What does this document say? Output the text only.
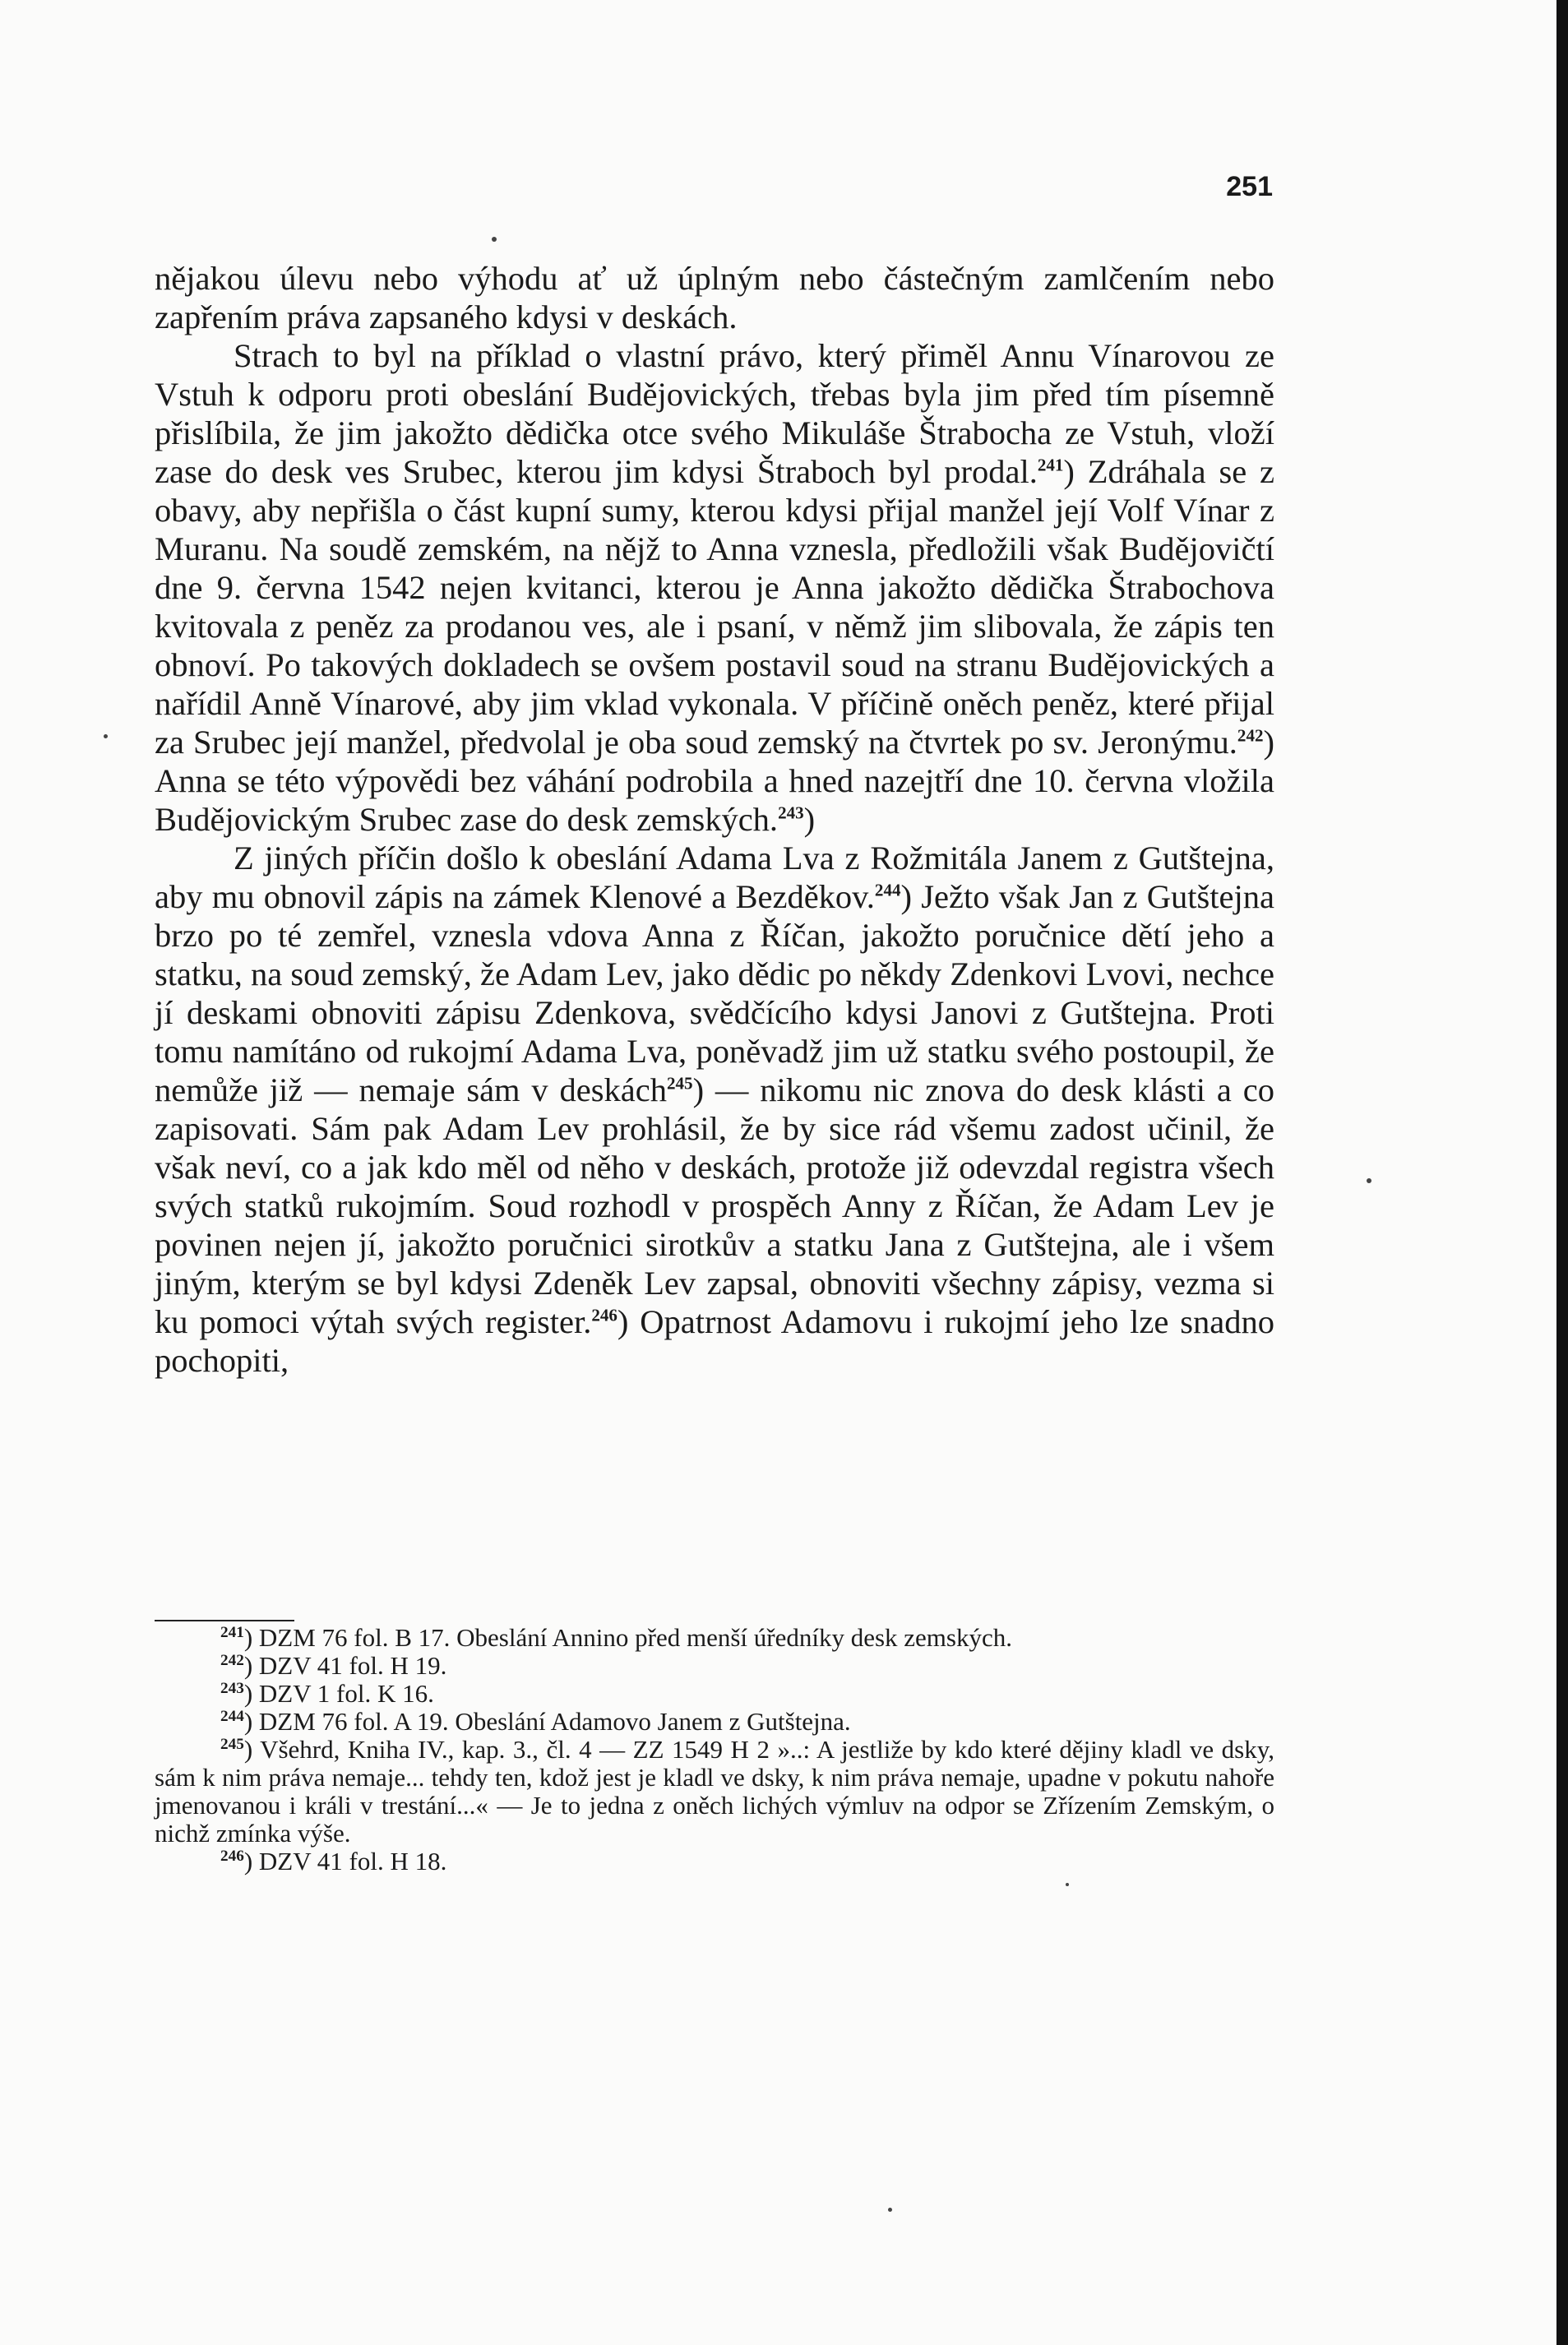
251

nějakou úlevu nebo výhodu ať už úplným nebo částečným zamlčením nebo zapřením práva zapsaného kdysi v deskách.

Strach to byl na příklad o vlastní právo, který přiměl Annu Vínarovou ze Vstuh k odporu proti obeslání Budějovických, třebas byla jim před tím písemně přislíbila, že jim jakožto dědička otce svého Mikuláše Štrabocha ze Vstuh, vloží zase do desk ves Srubec, kterou jim kdysi Štraboch byl prodal.$^{241}$) Zdráhala se z obavy, aby nepřišla o část kupní sumy, kterou kdysi přijal manžel její Volf Vínar z Muranu. Na soudě zemském, na nějž to Anna vznesla, předložili však Budějovičtí dne 9. června 1542 nejen kvitanci, kterou je Anna jakožto dědička Štrabochova kvitovala z peněz za prodanou ves, ale i psaní, v němž jim slibovala, že zápis ten obnoví. Po takových dokladech se ovšem postavil soud na stranu Budějovických a nařídil Anně Vínarové, aby jim vklad vykonala. V příčině oněch peněz, které přijal za Srubec její manžel, předvolal je oba soud zemský na čtvrtek po sv. Jeronýmu.$^{242}$) Anna se této výpovědi bez váhání podrobila a hned nazejtří dne 10. června vložila Budějovickým Srubec zase do desk zemských.$^{243}$)

Z jiných příčin došlo k obeslání Adama Lva z Rožmitála Janem z Gutštejna, aby mu obnovil zápis na zámek Klenové a Bezděkov.$^{244}$) Ježto však Jan z Gutštejna brzo po té zemřel, vznesla vdova Anna z Říčan, jakožto poručnice dětí jeho a statku, na soud zemský, že Adam Lev, jako dědic po někdy Zdenkovi Lvovi, nechce jí deskami obnoviti zápisu Zdenkova, svědčícího kdysi Janovi z Gutštejna. Proti tomu namítáno od rukojmí Adama Lva, poněvadž jim už statku svého postoupil, že nemůže již — nemaje sám v deskách$^{245}$) — nikomu nic znova do desk klásti a co zapisovati. Sám pak Adam Lev prohlásil, že by sice rád všemu zadost učinil, že však neví, co a jak kdo měl od něho v deskách, protože již odevzdal registra všech svých statků rukojmím. Soud rozhodl v prospěch Anny z Říčan, že Adam Lev je povinen nejen jí, jakožto poručnici sirotkův a statku Jana z Gutštejna, ale i všem jiným, kterým se byl kdysi Zdeněk Lev zapsal, obnoviti všechny zápisy, vezma si ku pomoci výtah svých register.$^{246}$) Opatrnost Adamovu i rukojmí jeho lze snadno pochopiti,

$^{241}$) DZM 76 fol. B 17. Obeslání Annino před menší úředníky desk zemských.

$^{242}$) DZV 41 fol. H 19.

$^{243}$) DZV 1 fol. K 16.

$^{244}$) DZM 76 fol. A 19. Obeslání Adamovo Janem z Gutštejna.

$^{245}$) Všehrd, Kniha IV., kap. 3., čl. 4 — ZZ 1549 H 2 »..: A jestliže by kdo které dějiny kladl ve dsky, sám k nim práva nemaje... tehdy ten, kdož jest je kladl ve dsky, k nim práva nemaje, upadne v pokutu nahoře jmenovanou i králi v trestání...« — Je to jedna z oněch lichých výmluv na odpor se Zřízením Zemským, o nichž zmínka výše.

$^{246}$) DZV 41 fol. H 18.
